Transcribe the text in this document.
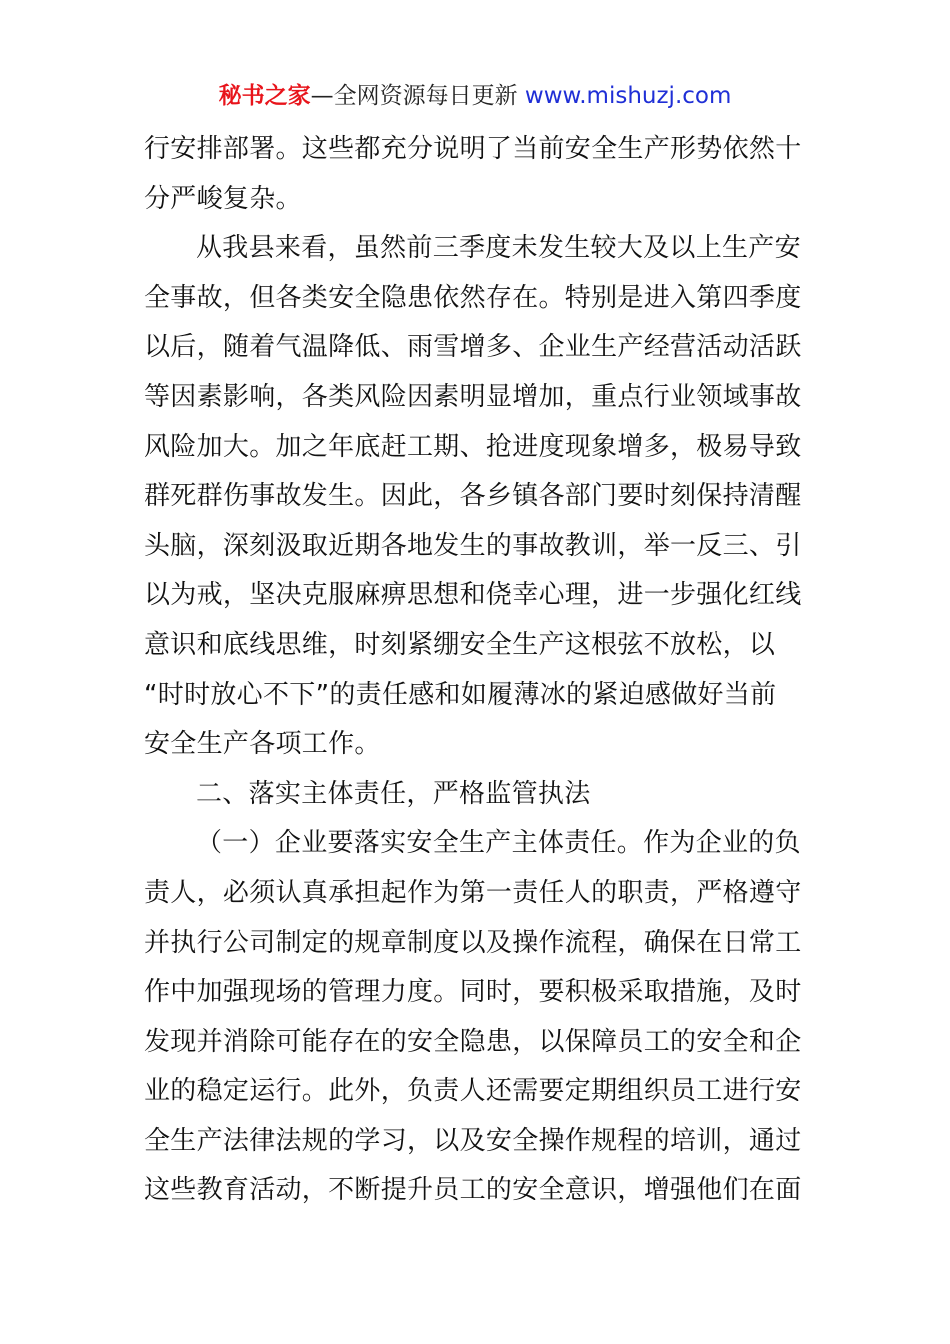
秘书之家—全网资源每日更新 www.mishuzj.com
行安排部署。这些都充分说明了当前安全生产形势依然十
分严峻复杂。
从我县来看，虽然前三季度未发生较大及以上生产安
全事故，但各类安全隐患依然存在。特别是进入第四季度
以后，随着气温降低、雨雪增多、企业生产经营活动活跃
等因素影响，各类风险因素明显增加，重点行业领域事故
风险加大。加之年底赶工期、抢进度现象增多，极易导致
群死群伤事故发生。因此，各乡镇各部门要时刻保持清醒
头脑，深刻汲取近期各地发生的事故教训，举一反三、引
以为戒，坚决克服麻痹思想和侥幸心理，进一步强化红线
意识和底线思维，时刻紧绷安全生产这根弦不放松，以
“时时放心不下”的责任感和如履薄冰的紧迫感做好当前
安全生产各项工作。
二、落实主体责任，严格监管执法
（一）企业要落实安全生产主体责任。作为企业的负
责人，必须认真承担起作为第一责任人的职责，严格遵守
并执行公司制定的规章制度以及操作流程，确保在日常工
作中加强现场的管理力度。同时，要积极采取措施，及时
发现并消除可能存在的安全隐患，以保障员工的安全和企
业的稳定运行。此外，负责人还需要定期组织员工进行安
全生产法律法规的学习，以及安全操作规程的培训，通过
这些教育活动，不断提升员工的安全意识，增强他们在面
